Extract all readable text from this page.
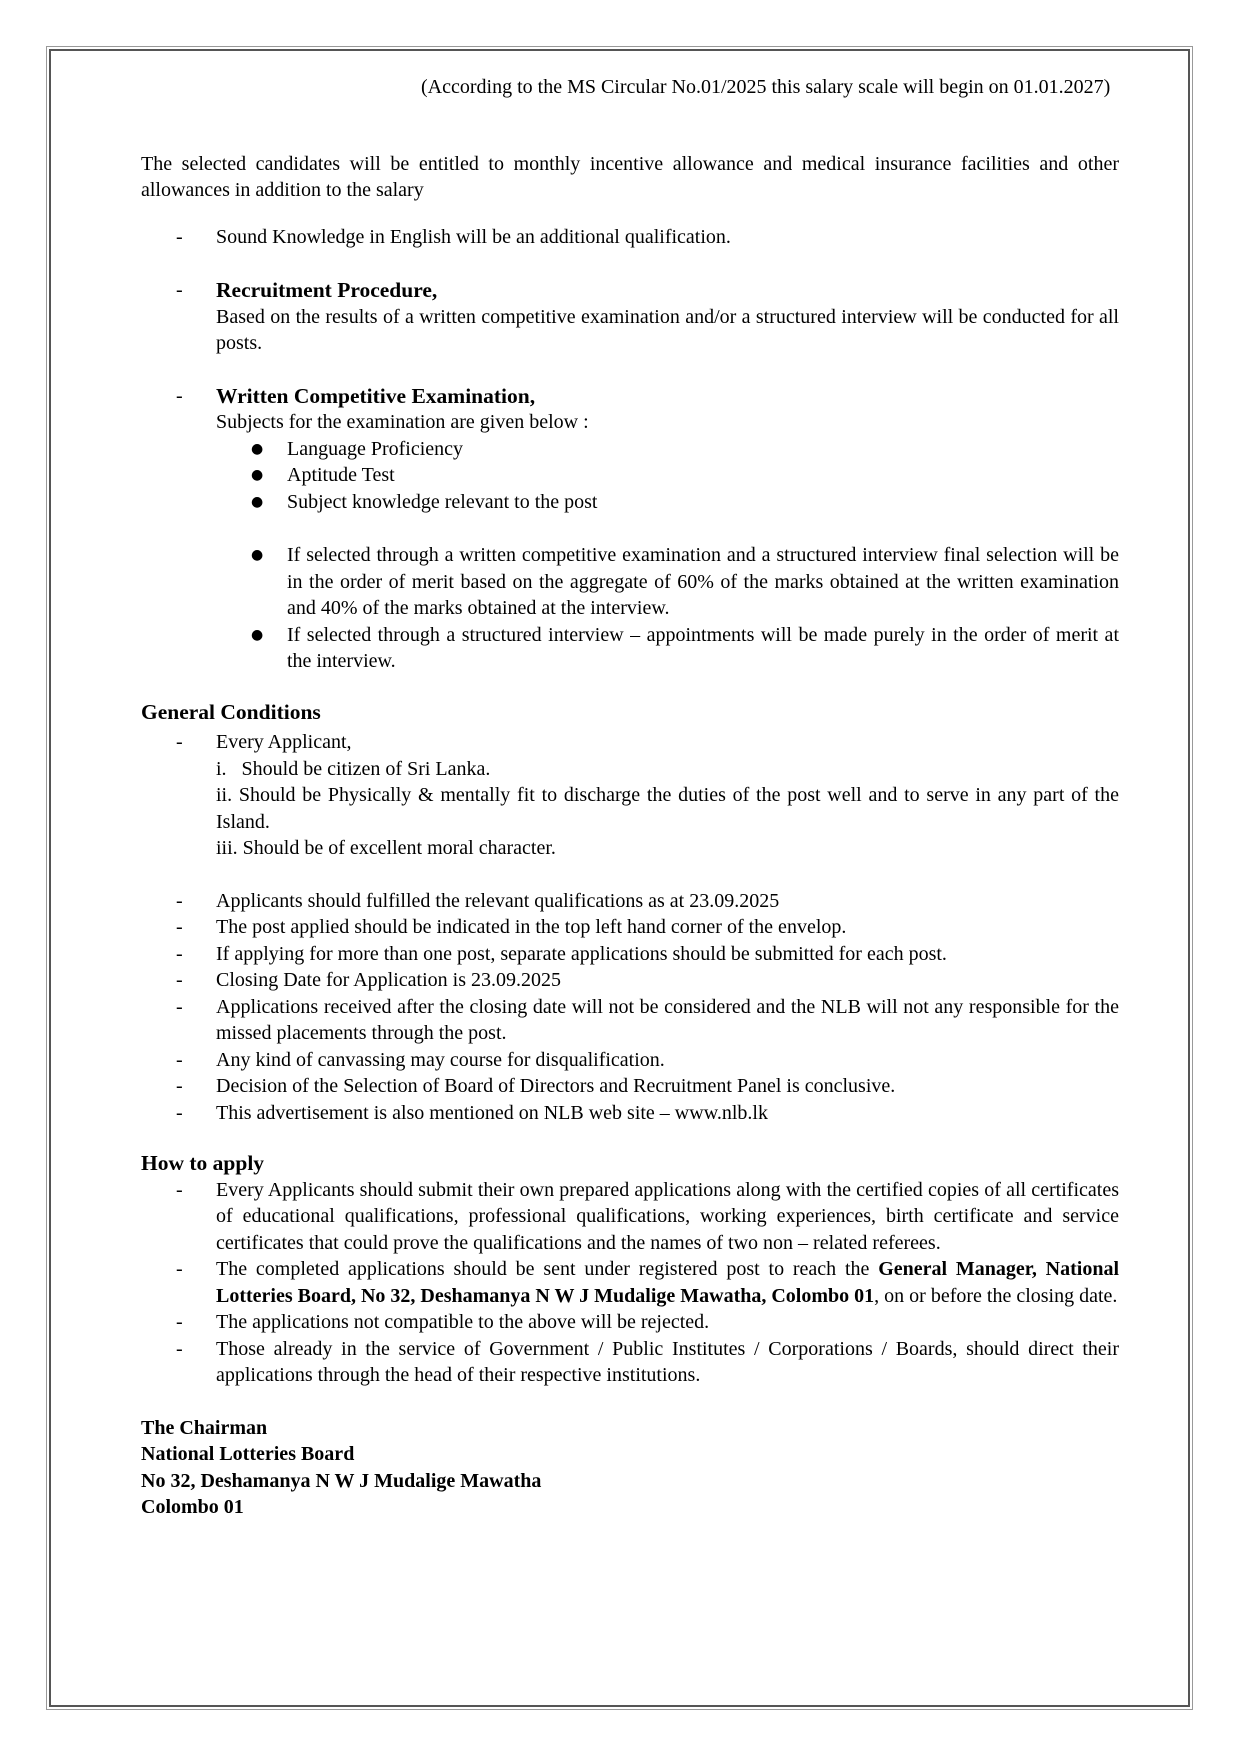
(According to the MS Circular No.01/2025 this salary scale will begin on 01.01.2027)

The selected candidates will be entitled to monthly incentive allowance and medical insurance facilities and other allowances in addition to the salary

-	Sound Knowledge in English will be an additional qualification.
-	Recruitment Procedure,

Based on the results of a written competitive examination and/or a structured interview will be conducted for all posts.

-	Written Competitive Examination,

Subjects for the examination are given below :

●	Language Proficiency
●	Aptitude Test
●	Subject knowledge relevant to the post
●	If selected through a written competitive examination and a structured interview final selection will be in the order of merit based on the aggregate of 60% of the marks obtained at the written examination and 40% of the marks obtained at the interview.
●	If selected through a structured interview – appointments will be made purely in the order of merit at the interview.

General Conditions

-	Every Applicant,

i.   Should be citizen of Sri Lanka.

ii. Should be Physically & mentally fit to discharge the duties of the post well and to serve in any part of the Island.

iii. Should be of excellent moral character.

-	Applicants should fulfilled the relevant qualifications as at 23.09.2025
-	The post applied should be indicated in the top left hand corner of the envelop.
-	If applying for more than one post, separate applications should be submitted for each post.
-	Closing Date for Application is 23.09.2025
-	Applications received after the closing date will not be considered and the NLB will not any responsible for the missed placements through the post.
-	Any kind of canvassing may course for disqualification.
-	Decision of the Selection of Board of Directors and Recruitment Panel is conclusive.
-	This advertisement is also mentioned on NLB web site – www.nlb.lk

How to apply

-	Every Applicants should submit their own prepared applications along with the certified copies of all certificates of educational qualifications, professional qualifications, working experiences, birth certificate and service certificates that could prove the qualifications and the names of two non – related referees.
-	The completed applications should be sent under registered post to reach the General Manager, National Lotteries Board, No 32, Deshamanya N W J Mudalige Mawatha, Colombo 01, on or before the closing date.
-	The applications not compatible to the above will be rejected.
-	Those already in the service of Government / Public Institutes / Corporations / Boards, should direct their applications through the head of their respective institutions.

The Chairman

National Lotteries Board

No 32, Deshamanya N W J Mudalige Mawatha

Colombo 01
